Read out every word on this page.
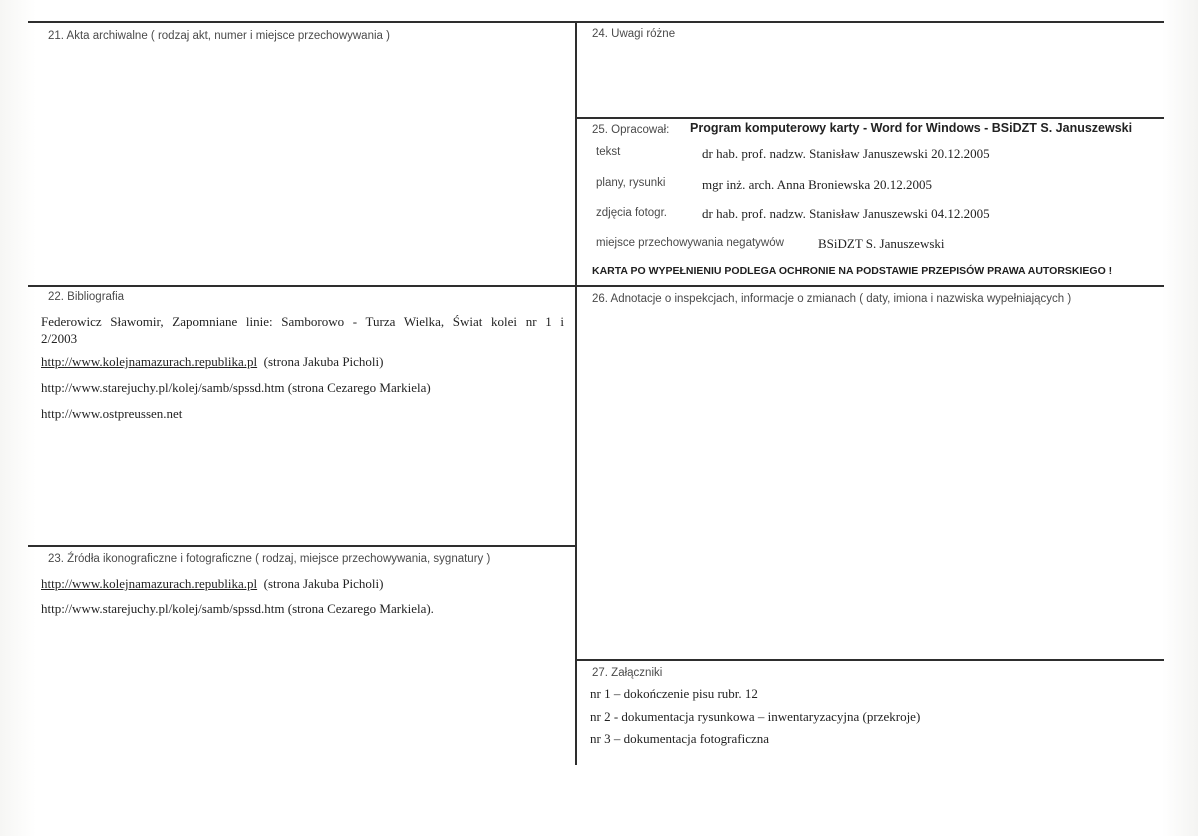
21. Akta archiwalne ( rodzaj akt, numer i miejsce przechowywania )	24. Uwagi różne
25. Opracował: Program komputerowy karty - Word for Windows - BSiDZT S. Januszewski
tekst	dr hab. prof. nadzw. Stanisław Januszewski 20.12.2005
plany, rysunki	mgr inż. arch. Anna Broniewska 20.12.2005
zdjęcia fotogr.	dr hab. prof. nadzw. Stanisław Januszewski 04.12.2005
miejsce przechowywania negatywów	BSiDZT S. Januszewski
KARTA PO WYPEŁNIENIU PODLEGA OCHRONIE NA PODSTAWIE PRZEPISÓW PRAWA AUTORSKIEGO !
22. Bibliografia
Federowicz Sławomir, Zapomniane linie: Samborowo - Turza Wielka, Świat kolei nr 1 i
2/2003
http://www.kolejnamazurach.republika.pl (strona Jakuba Picholi)
http://www.starejuchy.pl/kolej/samb/spssd.htm (strona Cezarego Markiela)
http://www.ostpreussen.net
26. Adnotacje o inspekcjach, informacje o zmianach ( daty, imiona i nazwiska wypełniających )
23. Źródła ikonograficzne i fotograficzne ( rodzaj, miejsce przechowywania, sygnatury )
http://www.kolejnamazurach.republika.pl (strona Jakuba Picholi)
http://www.starejuchy.pl/kolej/samb/spssd.htm (strona Cezarego Markiela).
27. Załączniki
nr 1 – dokończenie pisu rubr. 12
nr 2 - dokumentacja rysunkowa – inwentaryzacyjna (przekroje)
nr 3 – dokumentacja fotograficzna
